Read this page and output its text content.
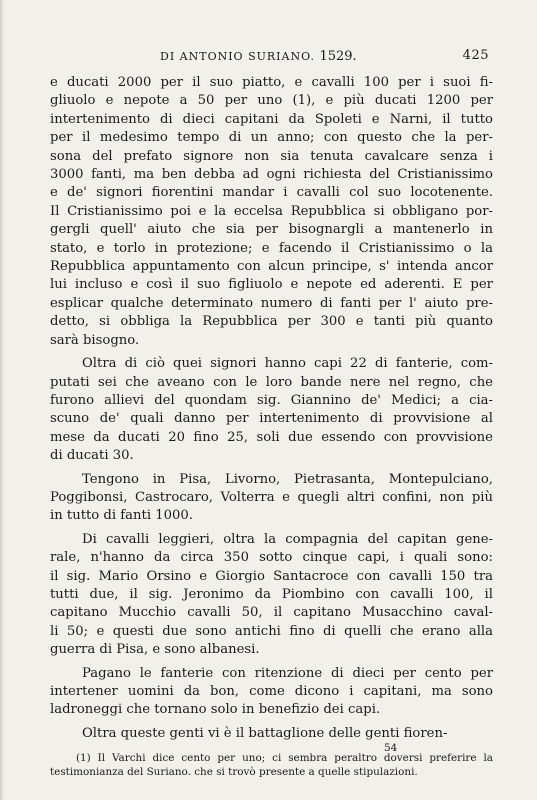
DI ANTONIO SURIANO. 1529.	425

e ducati 2000 per il suo piatto, e cavalli 100 per i suoi fi-
gliuolo e nepote a 50 per uno (1), e più ducati 1200 per
intertenimento di dieci capitani da Spoleti e Narni, il tutto
per il medesimo tempo di un anno; con questo che la per-
sona del prefato signore non sia tenuta cavalcare senza i
3000 fanti, ma ben debba ad ogni richiesta del Cristianissimo
e de' signori fiorentini mandar i cavalli col suo locotenente.
Il Cristianissimo poi e la eccelsa Repubblica si obbligano por-
gergli quell' aiuto che sia per bisognargli a mantenerlo in
stato, e torlo in protezione; e facendo il Cristianissimo o la
Repubblica appuntamento con alcun principe, s' intenda ancor
lui incluso e così il suo figliuolo e nepote ed aderenti. E per
esplicar qualche determinato numero di fanti per l' aiuto pre-
detto, si obbliga la Repubblica per 300 e tanti più quanto
sarà bisogno.

Oltra di ciò quei signori hanno capi 22 di fanterie, com-
putati sei che aveano con le loro bande nere nel regno, che
furono allievi del quondam sig. Giannino de' Medici; a cia-
scuno de' quali danno per intertenimento di provvisione al
mese da ducati 20 fino 25, soli due essendo con provvisione
di ducati 30.

Tengono in Pisa, Livorno, Pietrasanta, Montepulciano,
Poggibonsi, Castrocaro, Volterra e quegli altri confini, non più
in tutto di fanti 1000.

Di cavalli leggieri, oltra la compagnia del capitan gene-
rale, n'hanno da circa 350 sotto cinque capi, i quali sono:
il sig. Mario Orsino e Giorgio Santacroce con cavalli 150 tra
tutti due, il sig. Jeronimo da Piombino con cavalli 100, il
capitano Mucchio cavalli 50, il capitano Musacchino caval-
li 50; e questi due sono antichi fino di quelli che erano alla
guerra di Pisa, e sono albanesi.

Pagano le fanterie con ritenzione di dieci per cento per
intertener uomini da bon, come dicono i capitani, ma sono
ladroneggi che tornano solo in benefizio dei capi.

Oltra queste genti vi è il battaglione delle genti fioren-

(1) Il Varchi dice cento per uno; ci sembra peraltro doversi preferire la
testimonianza del Suriano. che si trovò presente a quelle stipulazioni.
54
